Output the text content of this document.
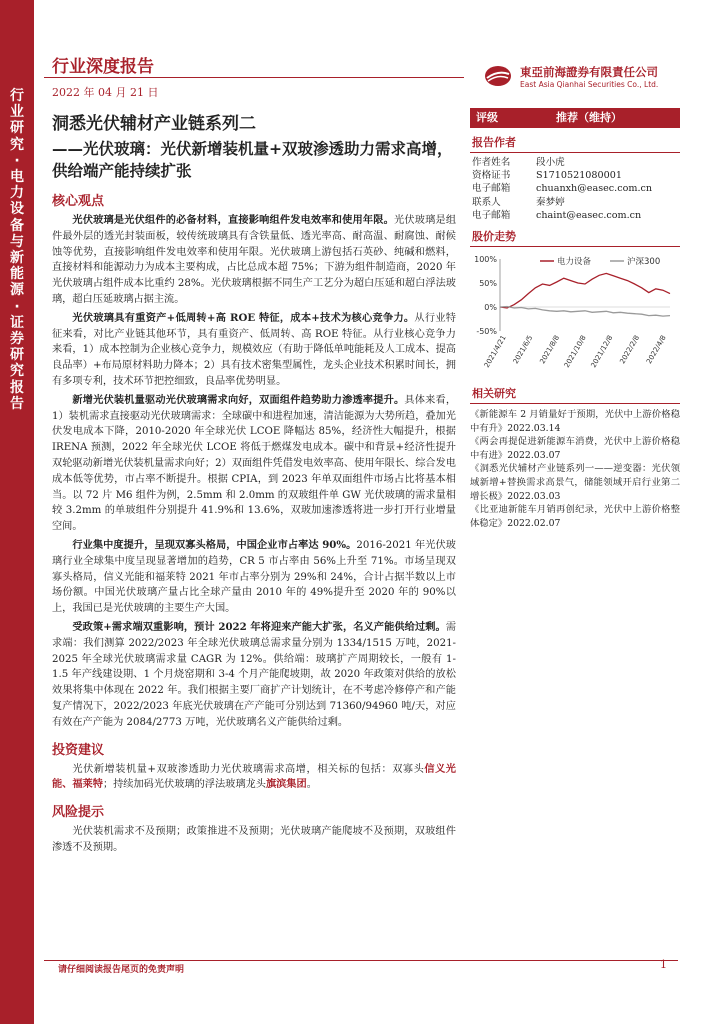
行
业
研
究
·
电
力
设
备
与
新
能
源
·
证
券
研
究
报
告
行业深度报告
2022 年 04 月 21 日
東亞前海證券有限責任公司
East Asia Qianhai Securities Co., Ltd.
洞悉光伏辅材产业链系列二
——光伏玻璃：光伏新增装机量+双玻渗透助力需求高增，供给端产能持续扩张
核心观点

光伏玻璃是光伏组件的必备材料，直接影响组件发电效率和使用年限。光伏玻璃是组件最外层的透光封装面板，较传统玻璃具有含铁量低、透光率高、耐高温、耐腐蚀、耐候蚀等优势，直接影响组件发电效率和使用年限。光伏玻璃上游包括石英砂、纯碱和燃料，直接材料和能源动力为成本主要构成，占比总成本超 75%；下游为组件制造商，2020 年光伏玻璃占组件成本比重约 28%。光伏玻璃根据不同生产工艺分为超白压延和超白浮法玻璃，超白压延玻璃占据主流。

光伏玻璃具有重资产+低周转+高 ROE 特征，成本+技术为核心竞争力。从行业特征来看，对比产业链其他环节，具有重资产、低周转、高 ROE 特征。从行业核心竞争力来看，1）成本控制为企业核心竞争力，规模效应（有助于降低单吨能耗及人工成本、提高良品率）+布局原材料助力降本；2）具有技术密集型属性，龙头企业技术积累时间长，拥有多项专利，技术环节把控细致，良品率优势明显。

新增光伏装机量驱动光伏玻璃需求向好，双面组件趋势助力渗透率提升。具体来看，1）装机需求直接驱动光伏玻璃需求：全球碳中和进程加速，清洁能源为大势所趋，叠加光伏发电成本下降，2010-2020 年全球光伏 LCOE 降幅达 85%，经济性大幅提升，根据 IRENA 预测，2022 年全球光伏 LCOE 将低于燃煤发电成本。碳中和背景+经济性提升双轮驱动新增光伏装机量需求向好；2）双面组件凭借发电效率高、使用年限长、综合发电成本低等优势，市占率不断提升。根据 CPIA，到 2023 年单双面组件市场占比将基本相当。以 72 片 M6 组件为例，2.5mm 和 2.0mm 的双玻组件单 GW 光伏玻璃的需求量相较 3.2mm 的单玻组件分别提升 41.9%和 13.6%，双玻加速渗透将进一步打开行业增量空间。

行业集中度提升，呈现双寡头格局，中国企业市占率达 90%。2016-2021 年光伏玻璃行业全球集中度呈现显著增加的趋势，CR 5 市占率由 56%上升至 71%。市场呈现双寡头格局，信义光能和福莱特 2021 年市占率分别为 29%和 24%，合计占据半数以上市场份额。中国光伏玻璃产量占比全球产量由 2010 年的 49%提升至 2020 年的 90%以上，我国已是光伏玻璃的主要生产大国。

受政策+需求端双重影响，预计 2022 年将迎来产能大扩张，名义产能供给过剩。需求端：我们测算 2022/2023 年全球光伏玻璃总需求量分别为 1334/1515 万吨，2021-2025 年全球光伏玻璃需求量 CAGR 为 12%。供给端：玻璃扩产周期较长，一般有 1-1.5 年产线建设期、1 个月烧窑期和 3-4 个月产能爬坡期，故 2020 年政策对供给的放松效果将集中体现在 2022 年。我们根据主要厂商扩产计划统计，在不考虑冷修停产和产能复产情况下，2022/2023 年底光伏玻璃在产产能可分别达到 71360/94960 吨/天，对应有效在产产能为 2084/2773 万吨，光伏玻璃名义产能供给过剩。

投资建议

光伏新增装机量+双玻渗透助力光伏玻璃需求高增，相关标的包括：双寡头信义光能、福莱特；持续加码光伏玻璃的浮法玻璃龙头旗滨集团。

风险提示

光伏装机需求不及预期；政策推进不及预期；光伏玻璃产能爬坡不及预期，双玻组件渗透不及预期。

评级	推荐（维持）
报告作者
作者姓名	段小虎
资格证书	S1710521080001
电子邮箱	chuanxh@easec.com.cn
联系人	秦梦婷
电子邮箱	chaint@easec.com.cn
股价走势
100%
50%
0%
-50%
2021/4/21 2021/6/5 2021/8/8 2021/10/8 2021/12/8 2022/2/8 2022/4/8
电力设备	沪深300
相关研究
《新能源车 2 月销量好于预期，光伏中上游价格稳中有升》2022.03.14
《两会再提促进新能源车消费，光伏中上游价格稳中有进》2022.03.07
《洞悉光伏辅材产业链系列一——逆变器：光伏领域新增+替换需求高景气，储能领域开启行业第二增长极》2022.03.03
《比亚迪新能车月销再创纪录，光伏中上游价格整体稳定》2022.02.07
请仔细阅读报告尾页的免责声明	1
